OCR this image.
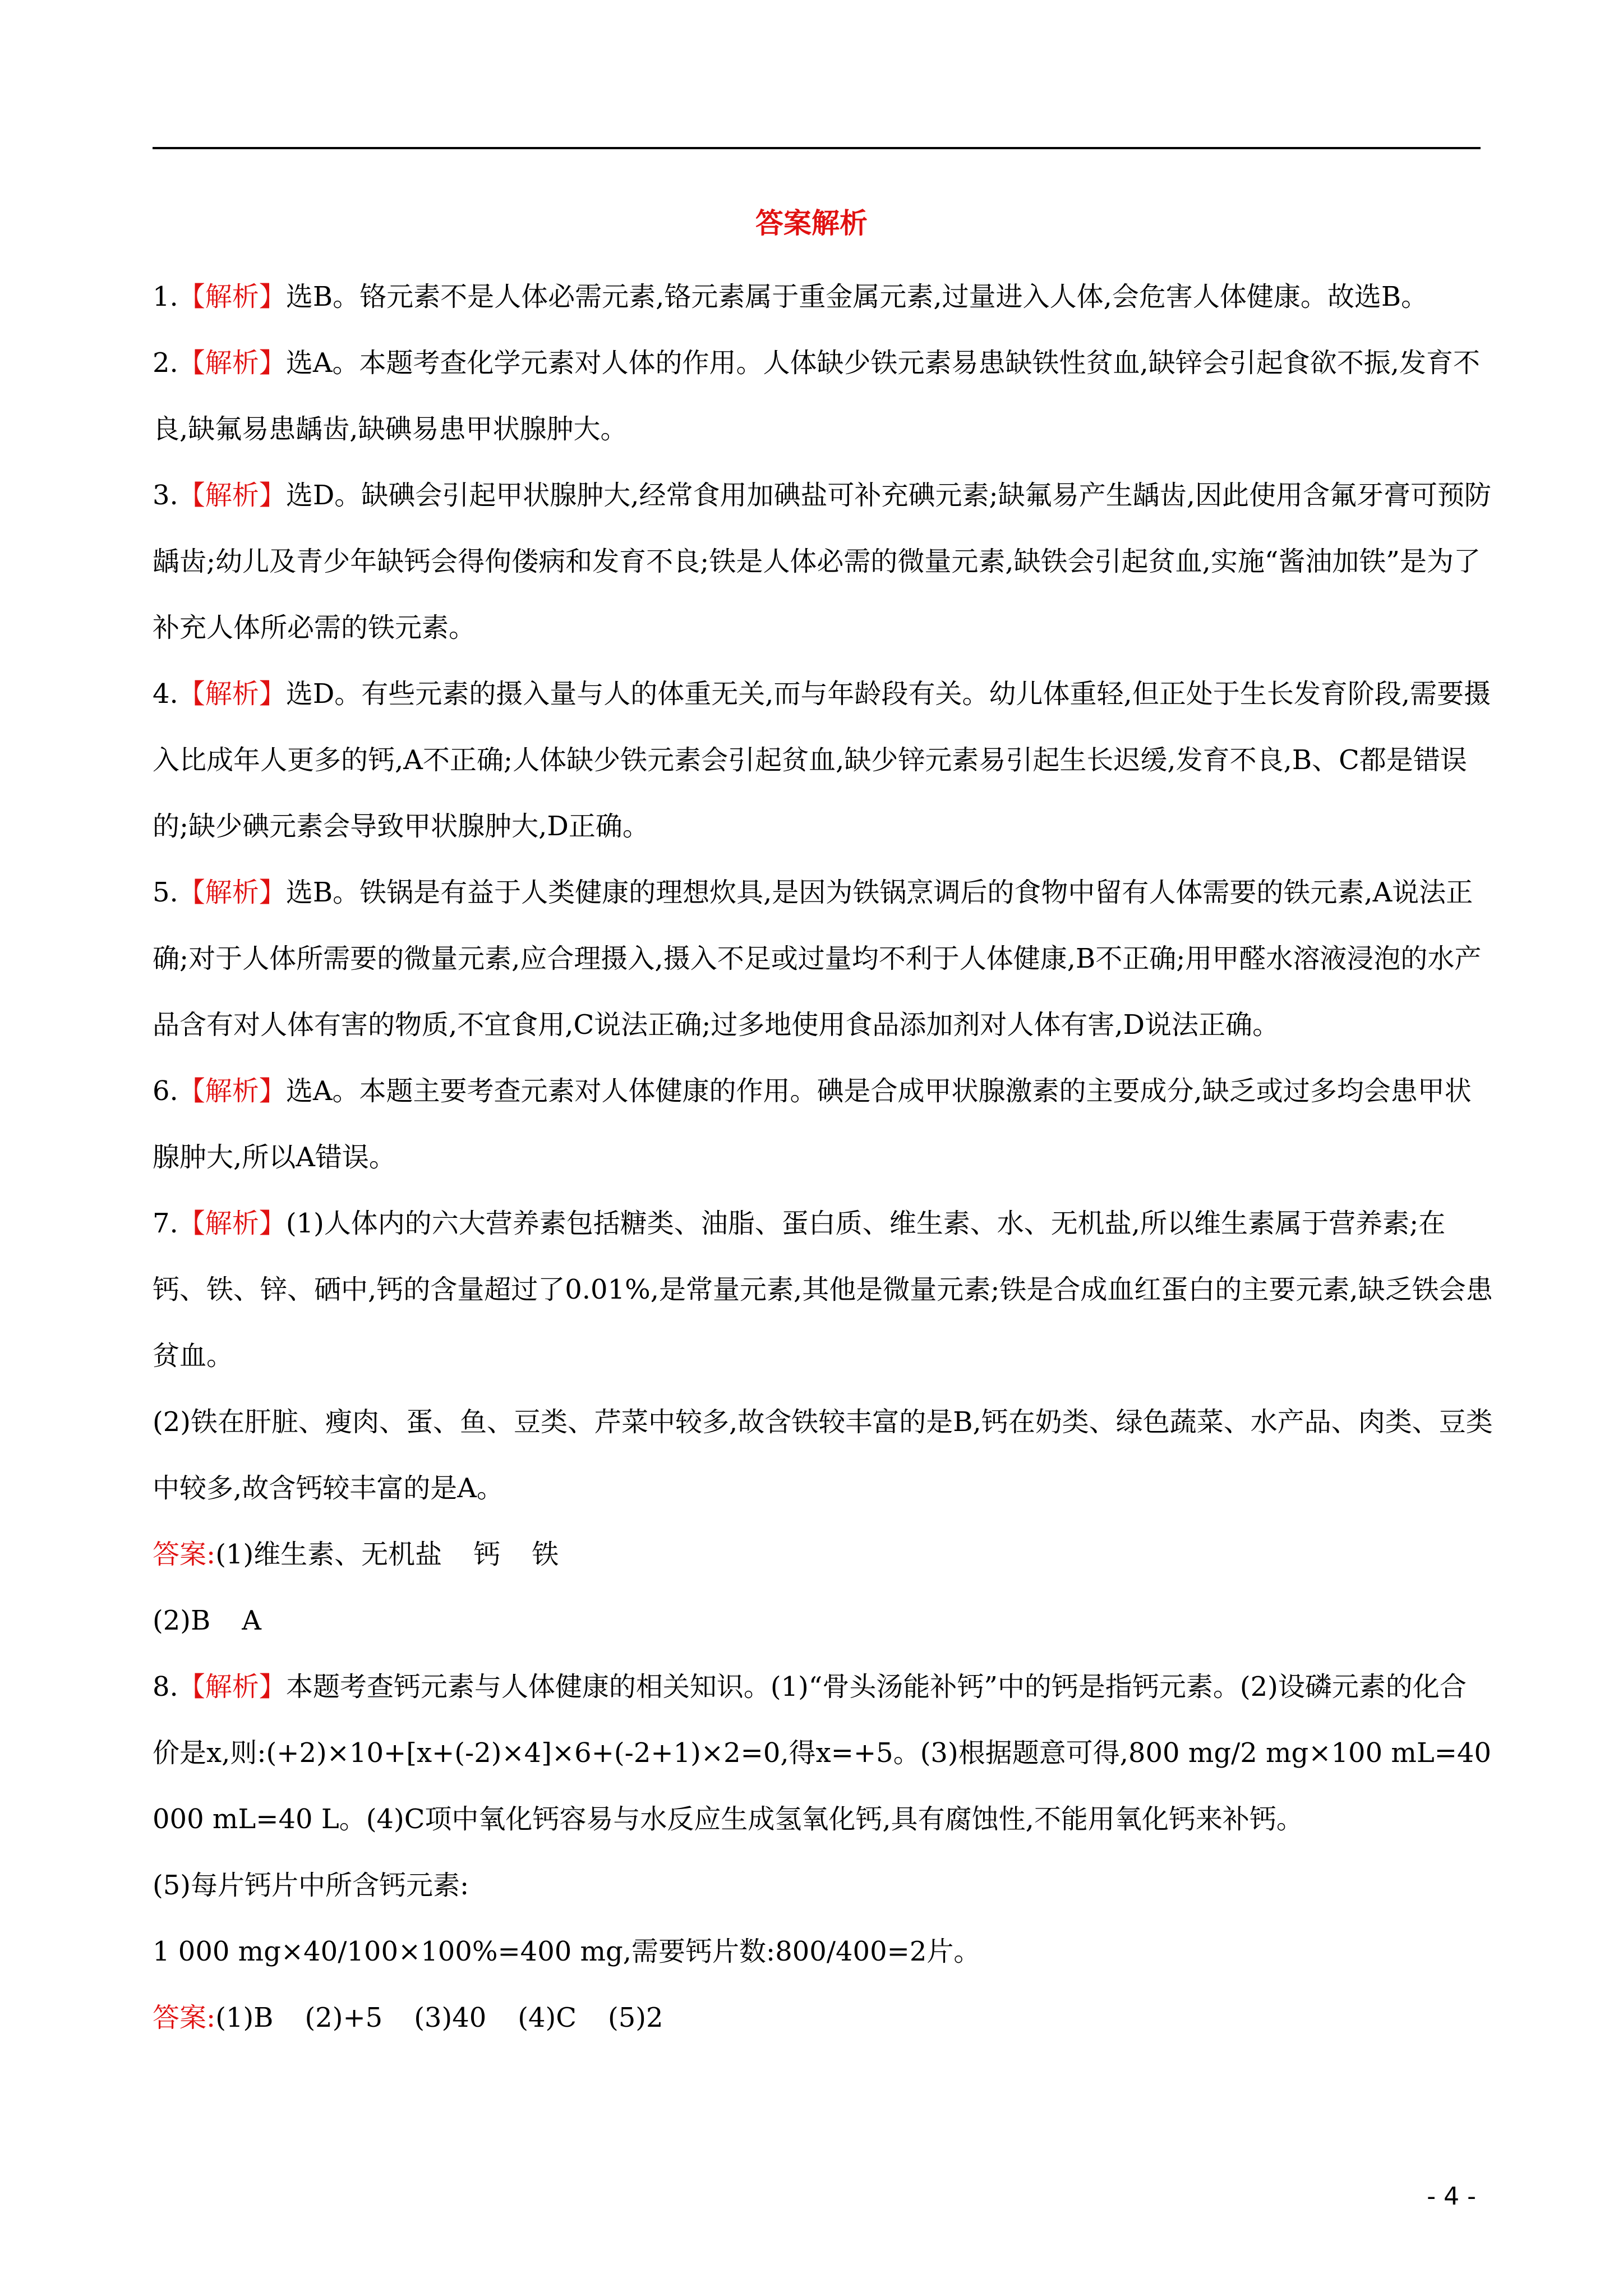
答案解析

1.【解析】选B。铬元素不是人体必需元素,铬元素属于重金属元素,过量进入人体,会危害人体健康。故选B。

2.【解析】选A。本题考查化学元素对人体的作用。人体缺少铁元素易患缺铁性贫血,缺锌会引起食欲不振,发育不良,缺氟易患龋齿,缺碘易患甲状腺肿大。

3.【解析】选D。缺碘会引起甲状腺肿大,经常食用加碘盐可补充碘元素;缺氟易产生龋齿,因此使用含氟牙膏可预防龋齿;幼儿及青少年缺钙会得佝偻病和发育不良;铁是人体必需的微量元素,缺铁会引起贫血,实施“酱油加铁”是为了补充人体所必需的铁元素。

4.【解析】选D。有些元素的摄入量与人的体重无关,而与年龄段有关。幼儿体重轻,但正处于生长发育阶段,需要摄入比成年人更多的钙,A不正确;人体缺少铁元素会引起贫血,缺少锌元素易引起生长迟缓,发育不良,B、C都是错误的;缺少碘元素会导致甲状腺肿大,D正确。

5.【解析】选B。铁锅是有益于人类健康的理想炊具,是因为铁锅烹调后的食物中留有人体需要的铁元素,A说法正确;对于人体所需要的微量元素,应合理摄入,摄入不足或过量均不利于人体健康,B不正确;用甲醛水溶液浸泡的水产品含有对人体有害的物质,不宜食用,C说法正确;过多地使用食品添加剂对人体有害,D说法正确。

6.【解析】选A。本题主要考查元素对人体健康的作用。碘是合成甲状腺激素的主要成分,缺乏或过多均会患甲状腺肿大,所以A错误。

7.【解析】(1)人体内的六大营养素包括糖类、油脂、蛋白质、维生素、水、无机盐,所以维生素属于营养素;在钙、铁、锌、硒中,钙的含量超过了0.01%,是常量元素,其他是微量元素;铁是合成血红蛋白的主要元素,缺乏铁会患贫血。

(2)铁在肝脏、瘦肉、蛋、鱼、豆类、芹菜中较多,故含铁较丰富的是B,钙在奶类、绿色蔬菜、水产品、肉类、豆类中较多,故含钙较丰富的是A。

答案:(1)维生素、无机盐 钙 铁

(2)B A

8.【解析】本题考查钙元素与人体健康的相关知识。(1)“骨头汤能补钙”中的钙是指钙元素。(2)设磷元素的化合价是x,则:(+2)×10+[x+(-2)×4]×6+(-2+1)×2=0,得x=+5。(3)根据题意可得,800 mg/2 mg×100 mL=40 000 mL=40 L。(4)C项中氧化钙容易与水反应生成氢氧化钙,具有腐蚀性,不能用氧化钙来补钙。

(5)每片钙片中所含钙元素:

1 000 mg×40/100×100%=400 mg,需要钙片数:800/400=2片。

答案:(1)B (2)+5 (3)40 (4)C (5)2

- 4 -
